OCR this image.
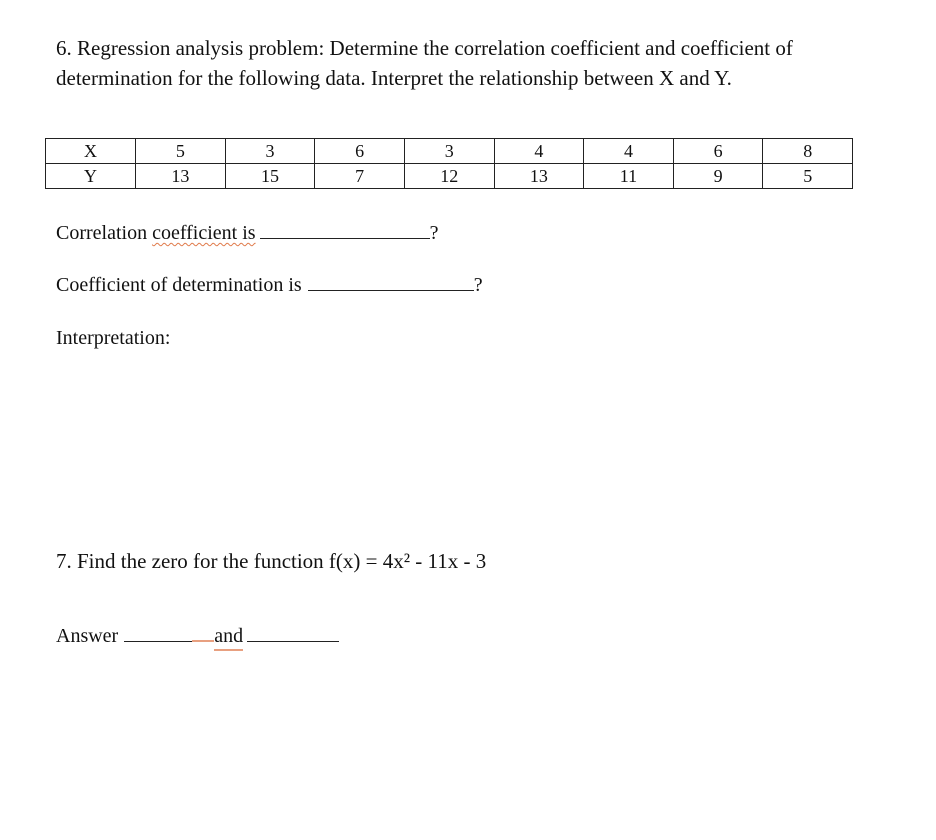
6. Regression analysis problem: Determine the correlation coefficient and coefficient of determination for the following data. Interpret the relationship between X and Y.
X	5	3	6	3	4	4	6	8
Y	13	15	7	12	13	11	9	5
Correlation coefficient is	?
Coefficient of determination is	?
Interpretation:
7. Find the zero for the function f(x) = 4x² - 11x - 3
Answer	and
